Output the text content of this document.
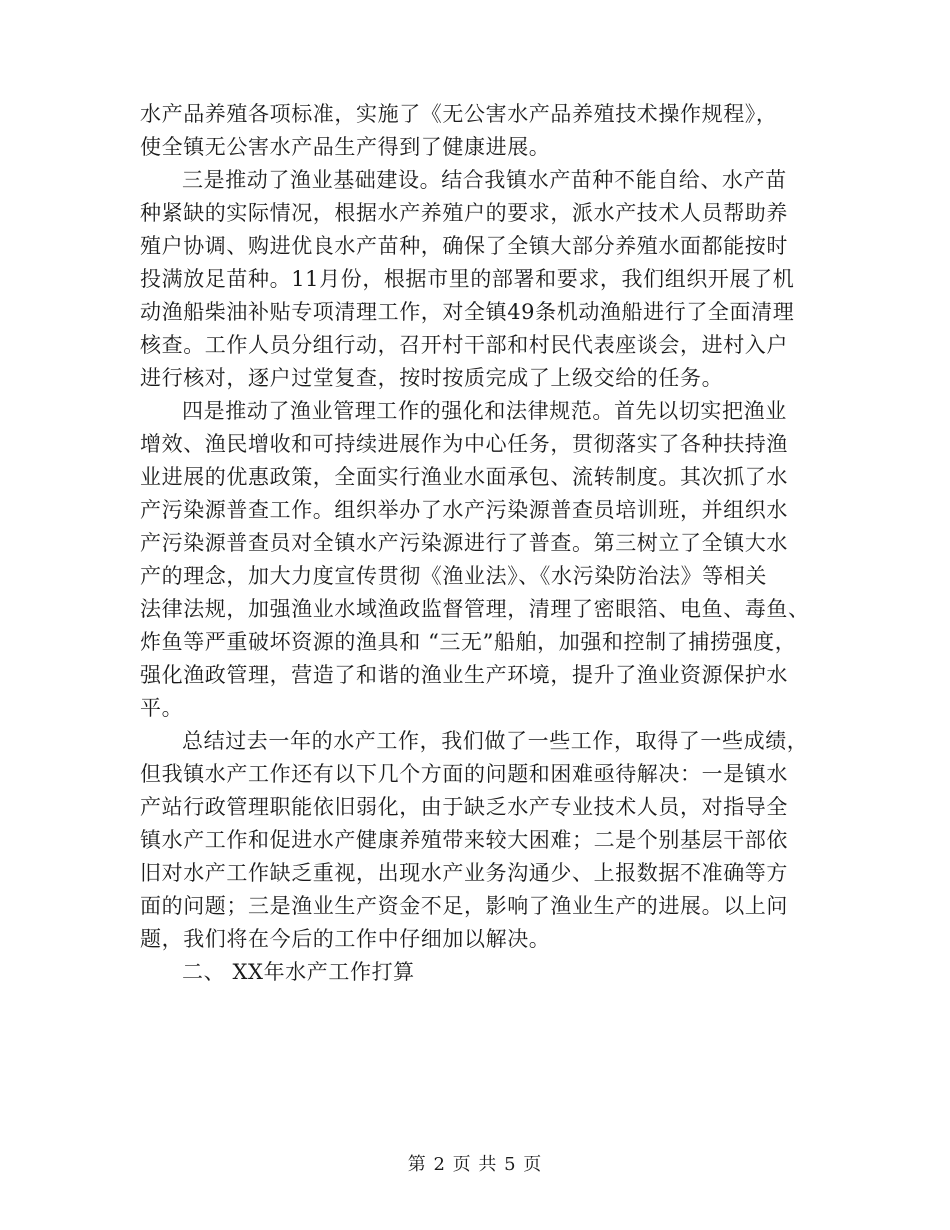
水产品养殖各项标准，实施了《无公害水产品养殖技术操作规程》，
使全镇无公害水产品生产得到了健康进展。
三是推动了渔业基础建设。结合我镇水产苗种不能自给、水产苗
种紧缺的实际情况，根据水产养殖户的要求，派水产技术人员帮助养
殖户协调、购进优良水产苗种，确保了全镇大部分养殖水面都能按时
投满放足苗种。11月份，根据市里的部署和要求，我们组织开展了机
动渔船柴油补贴专项清理工作，对全镇49条机动渔船进行了全面清理
核查。工作人员分组行动，召开村干部和村民代表座谈会，进村入户
进行核对，逐户过堂复查，按时按质完成了上级交给的任务。
四是推动了渔业管理工作的强化和法律规范。首先以切实把渔业
增效、渔民增收和可持续进展作为中心任务，贯彻落实了各种扶持渔
业进展的优惠政策，全面实行渔业水面承包、流转制度。其次抓了水
产污染源普查工作。组织举办了水产污染源普查员培训班，并组织水
产污染源普查员对全镇水产污染源进行了普查。第三树立了全镇大水
产的理念，加大力度宣传贯彻《渔业法》、《水污染防治法》等相关
法律法规，加强渔业水域渔政监督管理，清理了密眼箔、电鱼、毒鱼、
炸鱼等严重破坏资源的渔具和 “三无”船舶，加强和控制了捕捞强度，
强化渔政管理，营造了和谐的渔业生产环境，提升了渔业资源保护水
平。
总结过去一年的水产工作，我们做了一些工作，取得了一些成绩，
但我镇水产工作还有以下几个方面的问题和困难亟待解决：一是镇水
产站行政管理职能依旧弱化，由于缺乏水产专业技术人员，对指导全
镇水产工作和促进水产健康养殖带来较大困难；二是个别基层干部依
旧对水产工作缺乏重视，出现水产业务沟通少、上报数据不准确等方
面的问题；三是渔业生产资金不足，影响了渔业生产的进展。以上问
题，我们将在今后的工作中仔细加以解决。
二、 XX年水产工作打算
第 2 页 共 5 页
